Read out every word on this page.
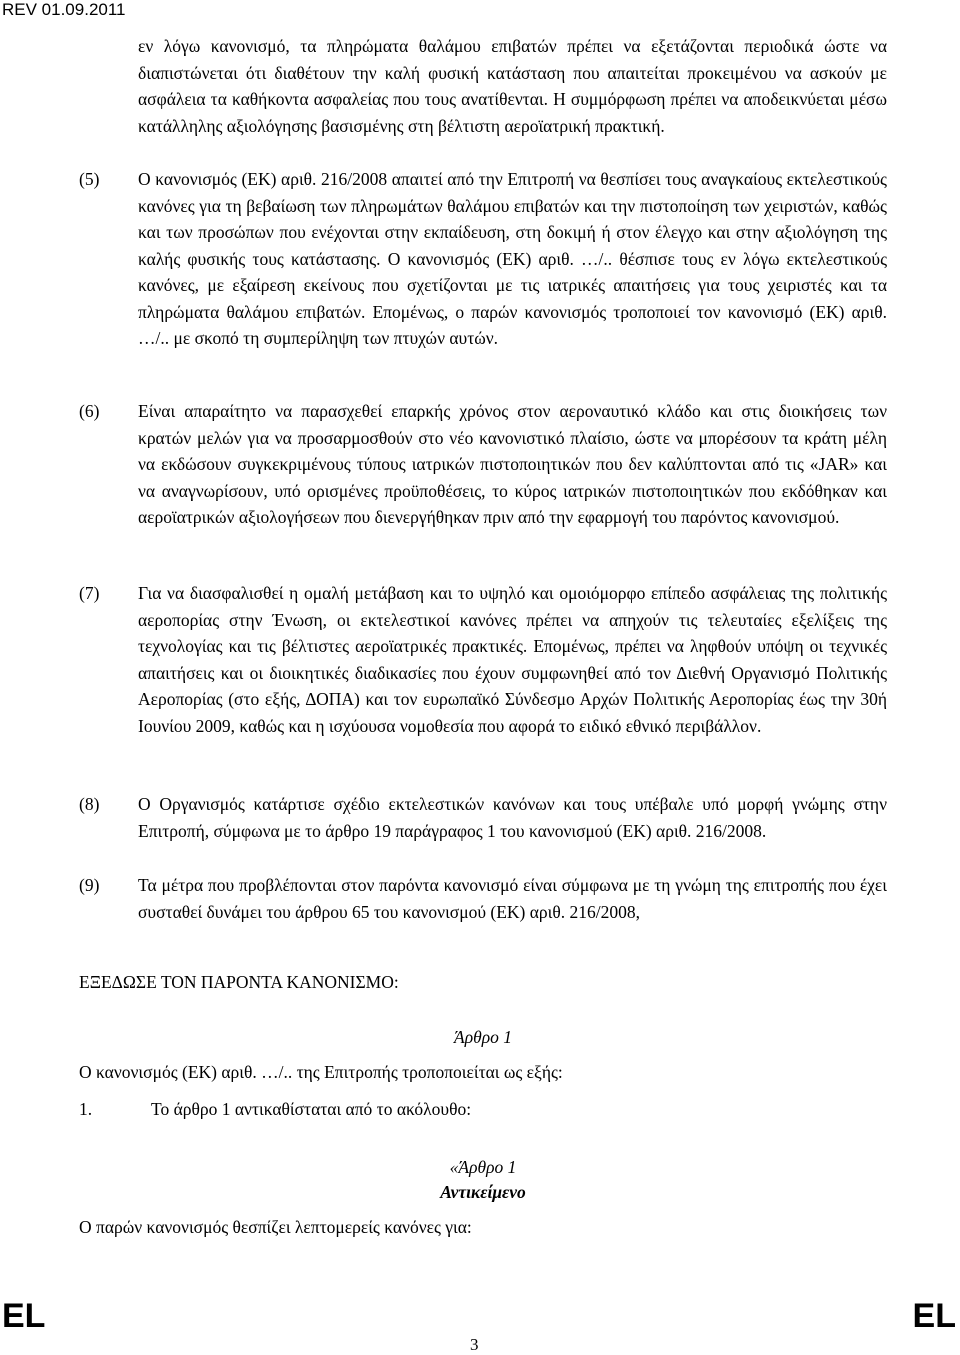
REV 01.09.2011
εν λόγω κανονισμό, τα πληρώματα θαλάμου επιβατών πρέπει να εξετάζονται περιοδικά ώστε να διαπιστώνεται ότι διαθέτουν την καλή φυσική κατάσταση που απαιτείται προκειμένου να ασκούν με ασφάλεια τα καθήκοντα ασφαλείας που τους ανατίθενται. Η συμμόρφωση πρέπει να αποδεικνύεται μέσω κατάλληλης αξιολόγησης βασισμένης στη βέλτιστη αεροϊατρική πρακτική.
(5) Ο κανονισμός (ΕΚ) αριθ. 216/2008 απαιτεί από την Επιτροπή να θεσπίσει τους αναγκαίους εκτελεστικούς κανόνες για τη βεβαίωση των πληρωμάτων θαλάμου επιβατών και την πιστοποίηση των χειριστών, καθώς και των προσώπων που ενέχονται στην εκπαίδευση, στη δοκιμή ή στον έλεγχο και στην αξιολόγηση της καλής φυσικής τους κατάστασης. Ο κανονισμός (ΕΚ) αριθ. …/.. θέσπισε τους εν λόγω εκτελεστικούς κανόνες, με εξαίρεση εκείνους που σχετίζονται με τις ιατρικές απαιτήσεις για τους χειριστές και τα πληρώματα θαλάμου επιβατών. Επομένως, ο παρών κανονισμός τροποποιεί τον κανονισμό (ΕΚ) αριθ. …/.. με σκοπό τη συμπερίληψη των πτυχών αυτών.
(6) Είναι απαραίτητο να παρασχεθεί επαρκής χρόνος στον αεροναυτικό κλάδο και στις διοικήσεις των κρατών μελών για να προσαρμοσθούν στο νέο κανονιστικό πλαίσιο, ώστε να μπορέσουν τα κράτη μέλη να εκδώσουν συγκεκριμένους τύπους ιατρικών πιστοποιητικών που δεν καλύπτονται από τις «JAR» και να αναγνωρίσουν, υπό ορισμένες προϋποθέσεις, το κύρος ιατρικών πιστοποιητικών που εκδόθηκαν και αεροϊατρικών αξιολογήσεων που διενεργήθηκαν πριν από την εφαρμογή του παρόντος κανονισμού.
(7) Για να διασφαλισθεί η ομαλή μετάβαση και το υψηλό και ομοιόμορφο επίπεδο ασφάλειας της πολιτικής αεροπορίας στην Ένωση, οι εκτελεστικοί κανόνες πρέπει να απηχούν τις τελευταίες εξελίξεις της τεχνολογίας και τις βέλτιστες αεροϊατρικές πρακτικές. Επομένως, πρέπει να ληφθούν υπόψη οι τεχνικές απαιτήσεις και οι διοικητικές διαδικασίες που έχουν συμφωνηθεί από τον Διεθνή Οργανισμό Πολιτικής Αεροπορίας (στο εξής, ΔΟΠΑ) και τον ευρωπαϊκό Σύνδεσμο Αρχών Πολιτικής Αεροπορίας έως την 30ή Ιουνίου 2009, καθώς και η ισχύουσα νομοθεσία που αφορά το ειδικό εθνικό περιβάλλον.
(8) Ο Οργανισμός κατάρτισε σχέδιο εκτελεστικών κανόνων και τους υπέβαλε υπό μορφή γνώμης στην Επιτροπή, σύμφωνα με το άρθρο 19 παράγραφος 1 του κανονισμού (ΕΚ) αριθ. 216/2008.
(9) Τα μέτρα που προβλέπονται στον παρόντα κανονισμό είναι σύμφωνα με τη γνώμη της επιτροπής που έχει συσταθεί δυνάμει του άρθρου 65 του κανονισμού (ΕΚ) αριθ. 216/2008,
ΕΞΕΔΩΣΕ ΤΟΝ ΠΑΡΟΝΤΑ ΚΑΝΟΝΙΣΜΟ:
Άρθρο 1
Ο κανονισμός (ΕΚ) αριθ. …/.. της Επιτροπής τροποποιείται ως εξής:
1.	Το άρθρο 1 αντικαθίσταται από το ακόλουθο:
«Άρθρο 1
Αντικείμενο
Ο παρών κανονισμός θεσπίζει λεπτομερείς κανόνες για:
EL
3
EL
